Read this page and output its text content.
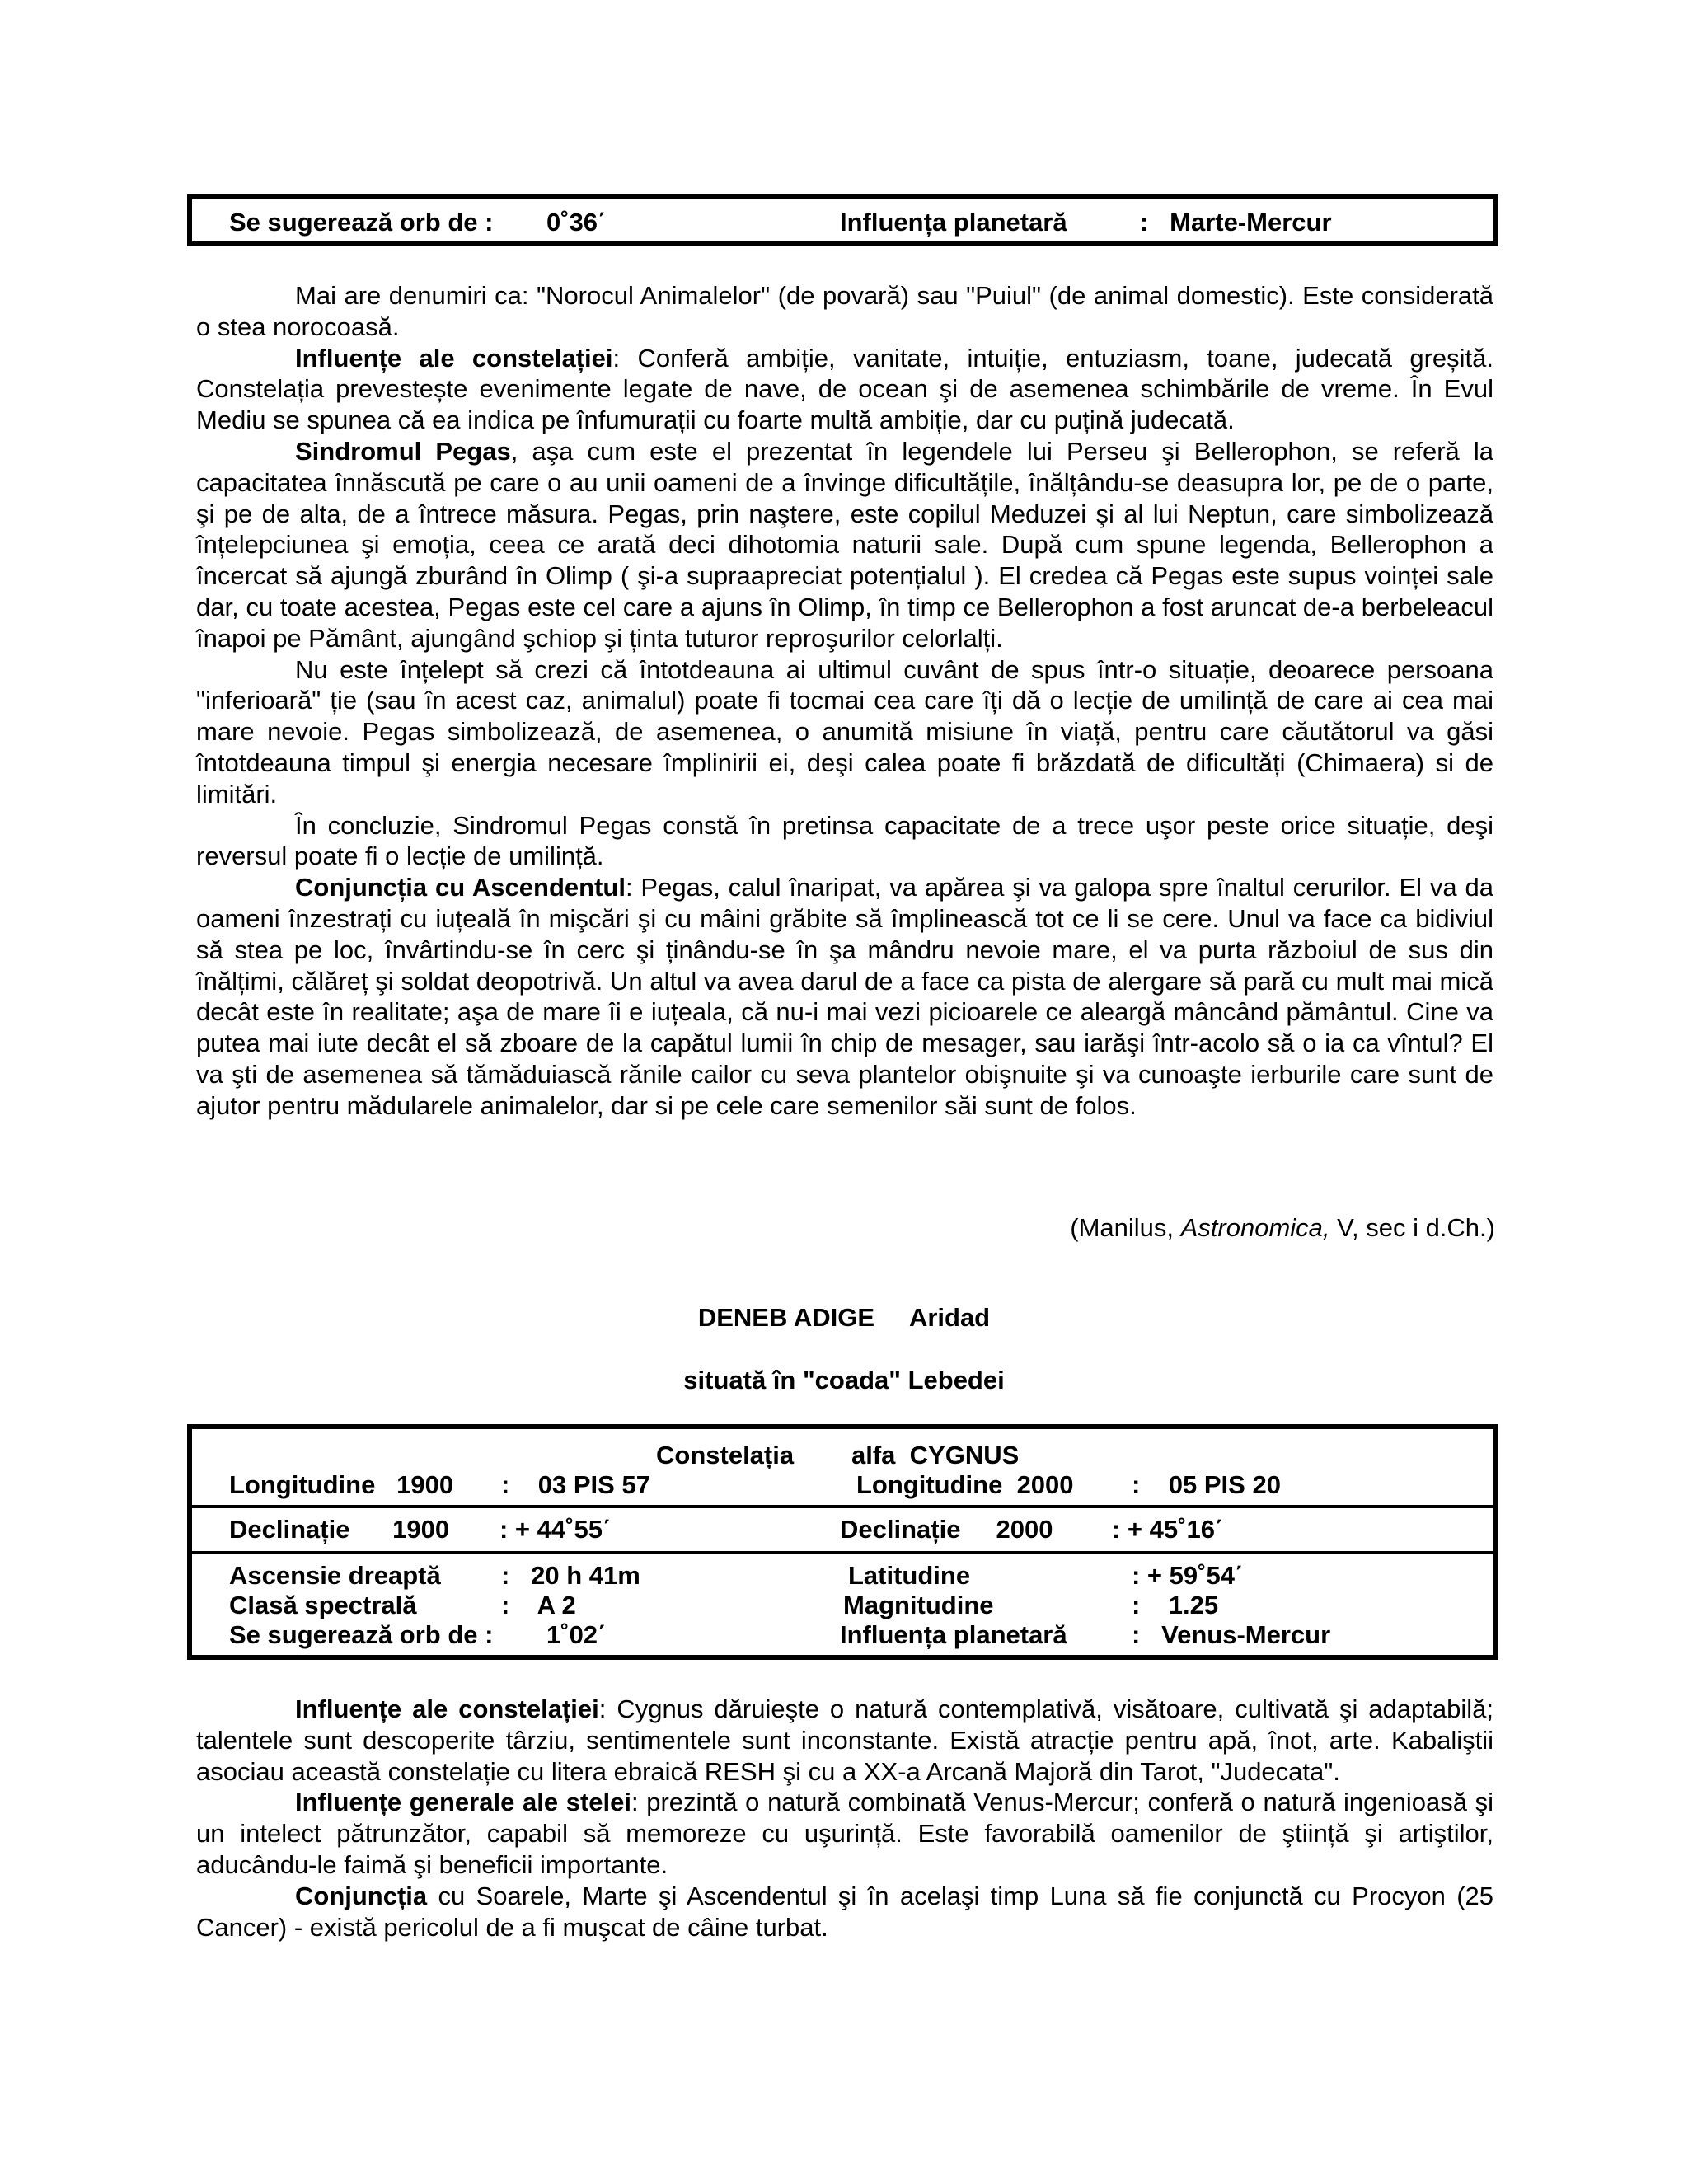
Se sugerează orb de : 0˚36΄	Influența planetară	:   Marte-Mercur

Mai are denumiri ca: "Norocul Animalelor" (de povară) sau "Puiul" (de animal domestic). Este considerată o stea norocoasă.

Influențe ale constelației: Conferă ambiție, vanitate, intuiție, entuziasm, toane, judecată greșită. Constelația prevestește evenimente legate de nave, de ocean şi de asemenea schimbările de vreme. În Evul Mediu se spunea că ea indica pe înfumurații cu foarte multă ambiție, dar cu puțină judecată.

Sindromul Pegas, aşa cum este el prezentat în legendele lui Perseu şi Bellerophon, se referă la capacitatea înnăscută pe care o au unii oameni de a învinge dificultățile, înălțându-se deasupra lor, pe de o parte, şi pe de alta, de a întrece măsura. Pegas, prin naştere, este copilul Meduzei şi al lui Neptun, care simbolizează înțelepciunea şi emoția, ceea ce arată deci dihotomia naturii sale. După cum spune legenda, Bellerophon a încercat să ajungă zburând în Olimp ( şi-a supraapreciat potențialul ). El credea că Pegas este supus voinței sale dar, cu toate acestea, Pegas este cel care a ajuns în Olimp, în timp ce Bellerophon a fost aruncat de-a berbeleacul înapoi pe Pământ, ajungând şchiop şi ținta tuturor reproşurilor celorlalți.

Nu este înțelept să crezi că întotdeauna ai ultimul cuvânt de spus într-o situație, deoarece persoana "inferioară" ție (sau în acest caz, animalul) poate fi tocmai cea care îți dă o lecție de umilință de care ai cea mai mare nevoie. Pegas simbolizează, de asemenea, o anumită misiune în viață, pentru care căutătorul va găsi întotdeauna timpul şi energia necesare împlinirii ei, deşi calea poate fi brăzdată de dificultăți (Chimaera) si de limitări.

În concluzie, Sindromul Pegas constă în pretinsa capacitate de a trece uşor peste orice situație, deşi reversul poate fi o lecție de umilință.

Conjuncția cu Ascendentul: Pegas, calul înaripat, va apărea şi va galopa spre înaltul cerurilor. El va da oameni înzestrați cu iuțeală în mişcări şi cu mâini grăbite să împlinească tot ce li se cere. Unul va face ca bidiviul să stea pe loc, învârtindu-se în cerc şi ținându-se în şa mândru nevoie mare, el va purta războiul de sus din înălțimi, călăreț şi soldat deopotrivă. Un altul va avea darul de a face ca pista de alergare să pară cu mult mai mică decât este în realitate; aşa de mare îi e iuțeala, că nu-i mai vezi picioarele ce aleargă mâncând pământul. Cine va putea mai iute decât el să zboare de la capătul lumii în chip de mesager, sau iarăşi într-acolo să o ia ca vîntul? El va şti de asemenea să tămăduiască rănile cailor cu seva plantelor obişnuite şi va cunoaşte ierburile care sunt de ajutor pentru mădularele animalelor, dar si pe cele care semenilor săi sunt de folos.

(Manilus, Astronomica, V, sec i d.Ch.)
DENEB ADIGE Aridad
situată în "coada" Lebedei
Constelația alfa  CYGNUS
Longitudine   1900 :    03 PIS 57	Longitudine  2000 :    05 PIS 20
Declinație      1900 : + 44˚55΄	Declinație     2000 : + 45˚16΄
Ascensie dreaptă :   20 h 41m	Latitudine	: + 59˚54΄
Clasă spectrală	:    A 2	Magnitudine	:    1.25
Se sugerează orb de : 1˚02΄	Influența planetară	:   Venus-Mercur

Influențe ale constelației: Cygnus dăruieşte o natură contemplativă, visătoare, cultivată şi adaptabilă; talentele sunt descoperite târziu, sentimentele sunt inconstante. Există atracție pentru apă, înot, arte. Kabaliştii asociau această constelație cu litera ebraică RESH şi cu a XX-a Arcană Majoră din Tarot, "Judecata".

Influențe generale ale stelei: prezintă o natură combinată Venus-Mercur; conferă o natură ingenioasă şi un intelect pătrunzător, capabil să memoreze cu uşurință. Este favorabilă oamenilor de ştiință şi artiştilor, aducându-le faimă şi beneficii importante.

Conjuncția cu Soarele, Marte şi Ascendentul şi în acelaşi timp Luna să fie conjunctă cu Procyon (25 Cancer) - există pericolul de a fi muşcat de câine turbat.
